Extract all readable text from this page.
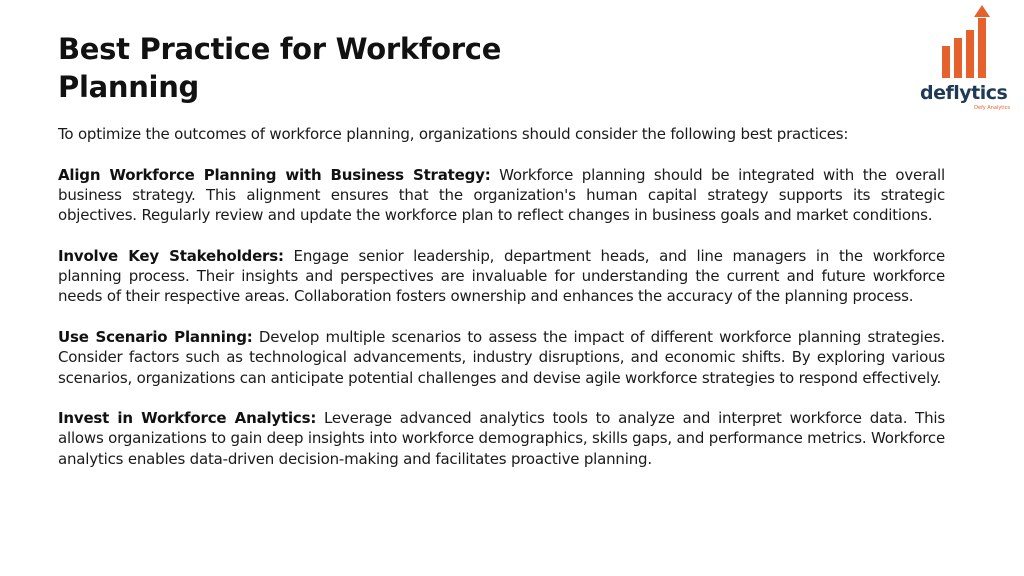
Best Practice for Workforce Planning	deflytics
Defy Analytics

To optimize the outcomes of workforce planning, organizations should consider the following best practices:

Align Workforce Planning with Business Strategy: Workforce planning should be integrated with the overall business strategy. This alignment ensures that the organization's human capital strategy supports its strategic objectives. Regularly review and update the workforce plan to reflect changes in business goals and market conditions.

Involve Key Stakeholders: Engage senior leadership, department heads, and line managers in the workforce planning process. Their insights and perspectives are invaluable for understanding the current and future workforce needs of their respective areas. Collaboration fosters ownership and enhances the accuracy of the planning process.

Use Scenario Planning: Develop multiple scenarios to assess the impact of different workforce planning strategies. Consider factors such as technological advancements, industry disruptions, and economic shifts. By exploring various scenarios, organizations can anticipate potential challenges and devise agile workforce strategies to respond effectively.

Invest in Workforce Analytics: Leverage advanced analytics tools to analyze and interpret workforce data. This allows organizations to gain deep insights into workforce demographics, skills gaps, and performance metrics. Workforce analytics enables data-driven decision-making and facilitates proactive planning.
